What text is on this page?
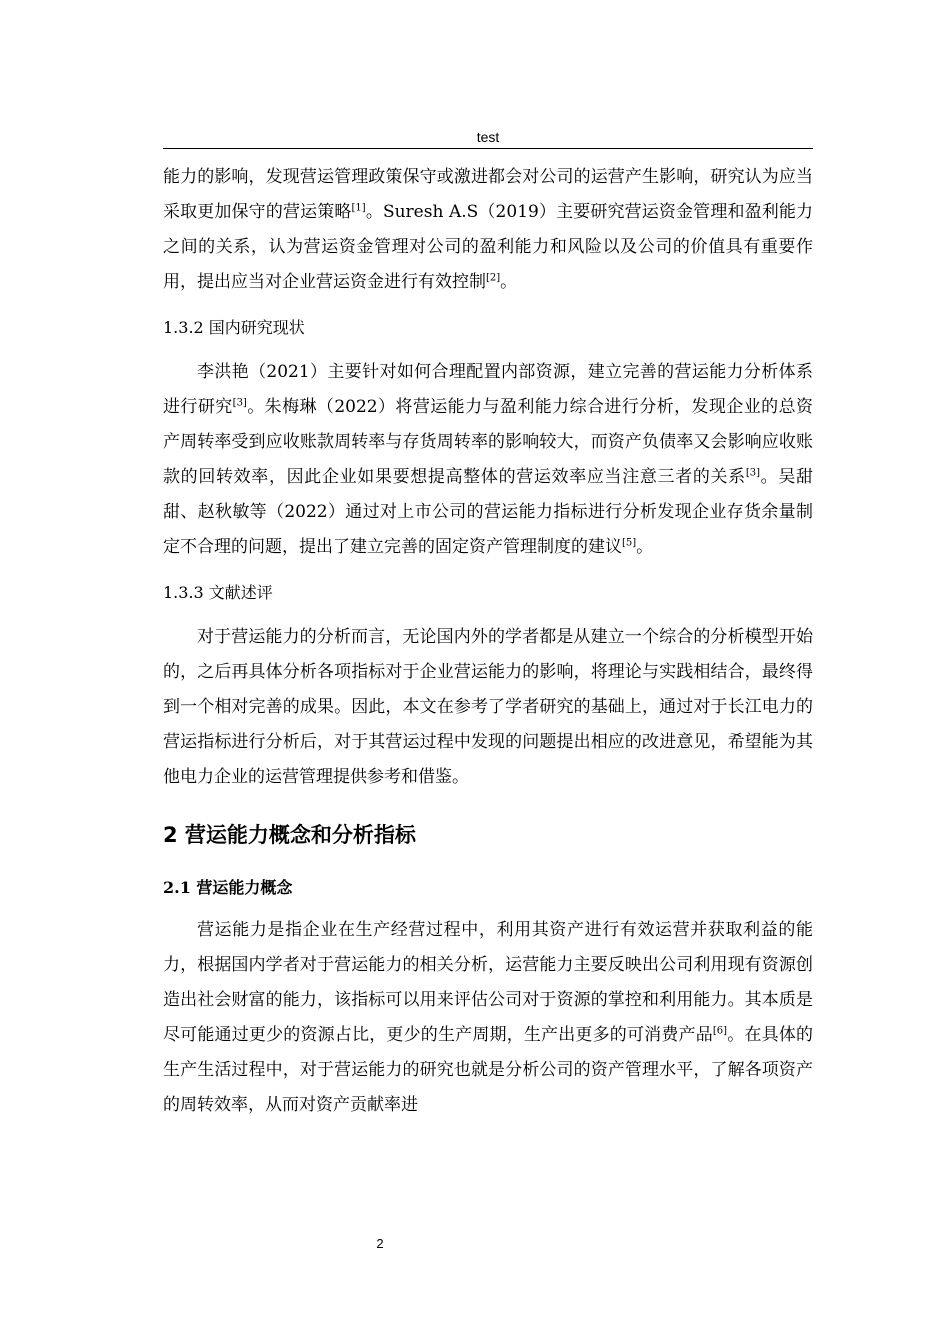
test

能力的影响，发现营运管理政策保守或激进都会对公司的运营产生影响，研究认为应当采取更加保守的营运策略[1]。Suresh A.S（2019）主要研究营运资金管理和盈利能力之间的关系，认为营运资金管理对公司的盈利能力和风险以及公司的价值具有重要作用，提出应当对企业营运资金进行有效控制[2]。

1.3.2 国内研究现状

李洪艳（2021）主要针对如何合理配置内部资源，建立完善的营运能力分析体系进行研究[3]。朱梅琳（2022）将营运能力与盈利能力综合进行分析，发现企业的总资产周转率受到应收账款周转率与存货周转率的影响较大，而资产负债率又会影响应收账款的回转效率，因此企业如果要想提高整体的营运效率应当注意三者的关系[3]。吴甜甜、赵秋敏等（2022）通过对上市公司的营运能力指标进行分析发现企业存货余量制定不合理的问题，提出了建立完善的固定资产管理制度的建议[5]。

1.3.3 文献述评

对于营运能力的分析而言，无论国内外的学者都是从建立一个综合的分析模型开始的，之后再具体分析各项指标对于企业营运能力的影响，将理论与实践相结合，最终得到一个相对完善的成果。因此，本文在参考了学者研究的基础上，通过对于长江电力的营运指标进行分析后，对于其营运过程中发现的问题提出相应的改进意见，希望能为其他电力企业的运营管理提供参考和借鉴。

2 营运能力概念和分析指标
2.1 营运能力概念

营运能力是指企业在生产经营过程中，利用其资产进行有效运营并获取利益的能力，根据国内学者对于营运能力的相关分析，运营能力主要反映出公司利用现有资源创造出社会财富的能力，该指标可以用来评估公司对于资源的掌控和利用能力。其本质是尽可能通过更少的资源占比，更少的生产周期，生产出更多的可消费产品[6]。在具体的生产生活过程中，对于营运能力的研究也就是分析公司的资产管理水平，了解各项资产的周转效率，从而对资产贡献率进

2
